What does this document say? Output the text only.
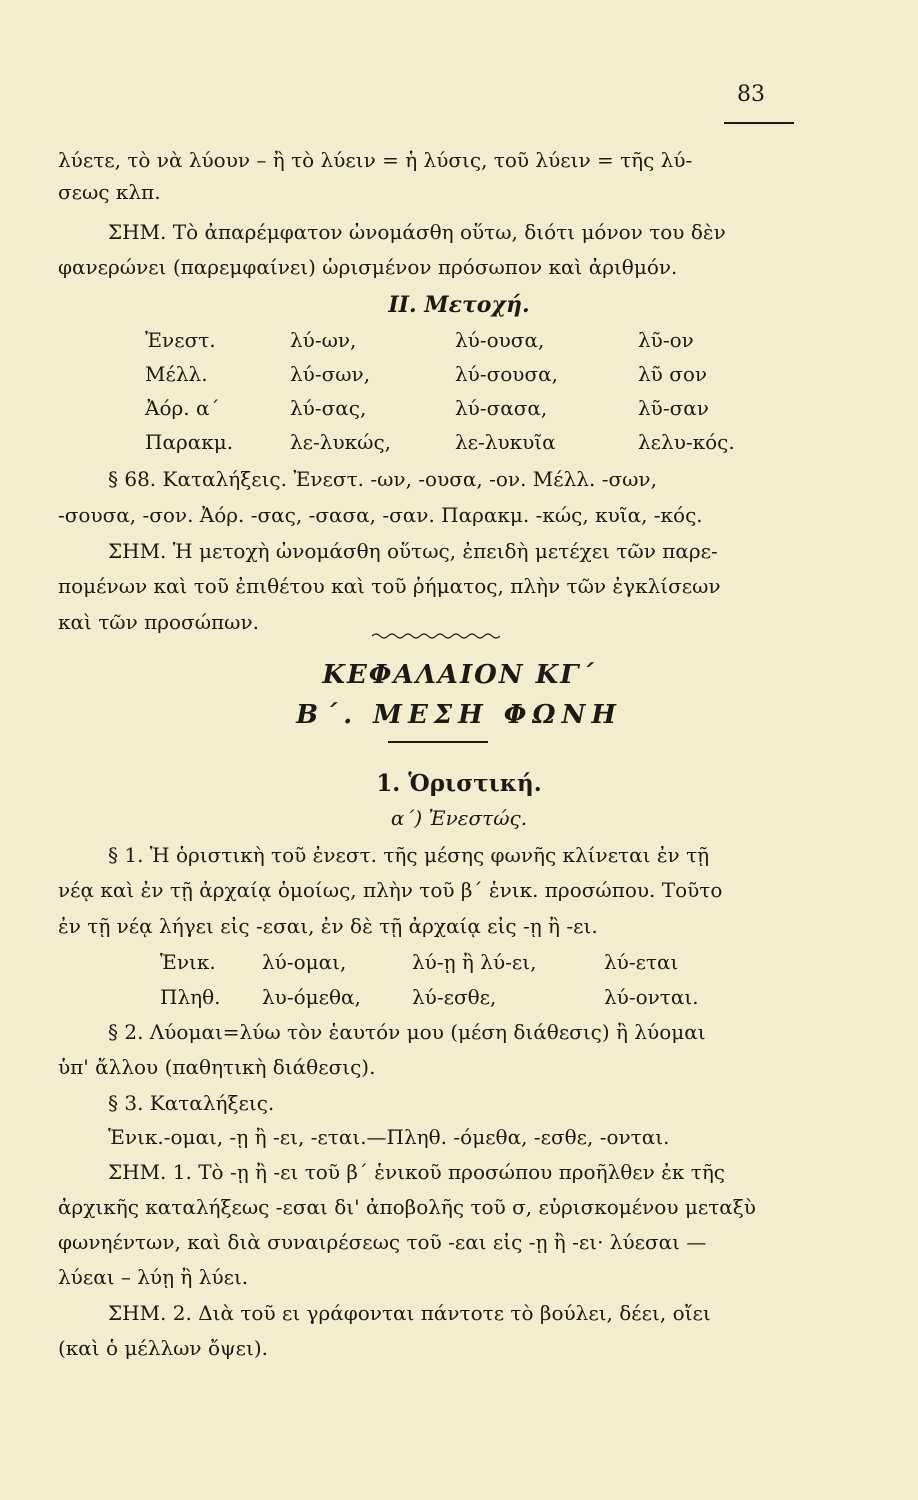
83
λύετε, τὸ νὰ λύουν – ἢ τὸ λύειν = ἡ λύσις, τοῦ λύειν = τῆς λύ-
σεως κλπ.
ΣΗΜ. Τὸ ἀπαρέμφατον ὠνομάσθη οὕτω, διότι μόνον του δὲν
φανερώνει (παρεμφαίνει) ὡρισμένον πρόσωπον καὶ ἀριθμόν.
II. Μετοχή.
Ἐνεστ.	λύ-ων,	λύ-ουσα,	λῦ-ον
Μέλλ.	λύ-σων,	λύ-σουσα,	λῦ σον
Ἀόρ. α΄	λύ-σας,	λύ-σασα,	λῦ-σαν
Παρακμ.	λε-λυκώς,	λε-λυκυῖα	λελυ-κός.
§ 68. Καταλήξεις. Ἐνεστ. -ων, -ουσα, -ον. Μέλλ. -σων,
-σουσα, -σον. Ἀόρ. -σας, -σασα, -σαν. Παρακμ. -κώς, κυῖα, -κός.
ΣΗΜ. Ἡ μετοχὴ ὠνομάσθη οὕτως, ἐπειδὴ μετέχει τῶν παρε-
πομένων καὶ τοῦ ἐπιθέτου καὶ τοῦ ῥήματος, πλὴν τῶν ἐγκλίσεων
καὶ τῶν προσώπων.
ΚΕΦΑΛΑΙΟΝ ΚΓ΄
Β΄. ΜΕΣΗ ΦΩΝΗ
1. Ὁριστική.
α΄) Ἐνεστώς.
§ 1. Ἡ ὁριστικὴ τοῦ ἐνεστ. τῆς μέσης φωνῆς κλίνεται ἐν τῇ
νέᾳ καὶ ἐν τῇ ἀρχαίᾳ ὁμοίως, πλὴν τοῦ β΄ ἑνικ. προσώπου. Τοῦτο
ἐν τῇ νέᾳ λήγει εἰς -εσαι, ἐν δὲ τῇ ἀρχαίᾳ εἰς -ῃ ἢ -ει.
Ἑνικ. λύ-ομαι,	λύ-ῃ ἢ λύ-ει,	λύ-εται
Πληθ. λυ-όμεθα,	λύ-εσθε,	λύ-ονται.
§ 2. Λύομαι=λύω τὸν ἑαυτόν μου (μέση διάθεσις) ἢ λύομαι
ὑπ' ἄλλου (παθητικὴ διάθεσις).
§ 3. Καταλήξεις.
Ἑνικ.-ομαι, -ῃ ἢ -ει, -εται.—Πληθ. -όμεθα, -εσθε, -ονται.
ΣΗΜ. 1. Τὸ -ῃ ἢ -ει τοῦ β΄ ἑνικοῦ προσώπου προῆλθεν ἐκ τῆς
ἀρχικῆς καταλήξεως -εσαι δι' ἀποβολῆς τοῦ σ, εὑρισκομένου μεταξὺ
φωνηέντων, καὶ διὰ συναιρέσεως τοῦ -εαι εἰς -ῃ ἢ -ει· λύεσαι —
λύεαι – λύῃ ἢ λύει.
ΣΗΜ. 2. Διὰ τοῦ ει γράφονται πάντοτε τὸ βούλει, δέει, οἴει
(καὶ ὁ μέλλων ὄψει).
